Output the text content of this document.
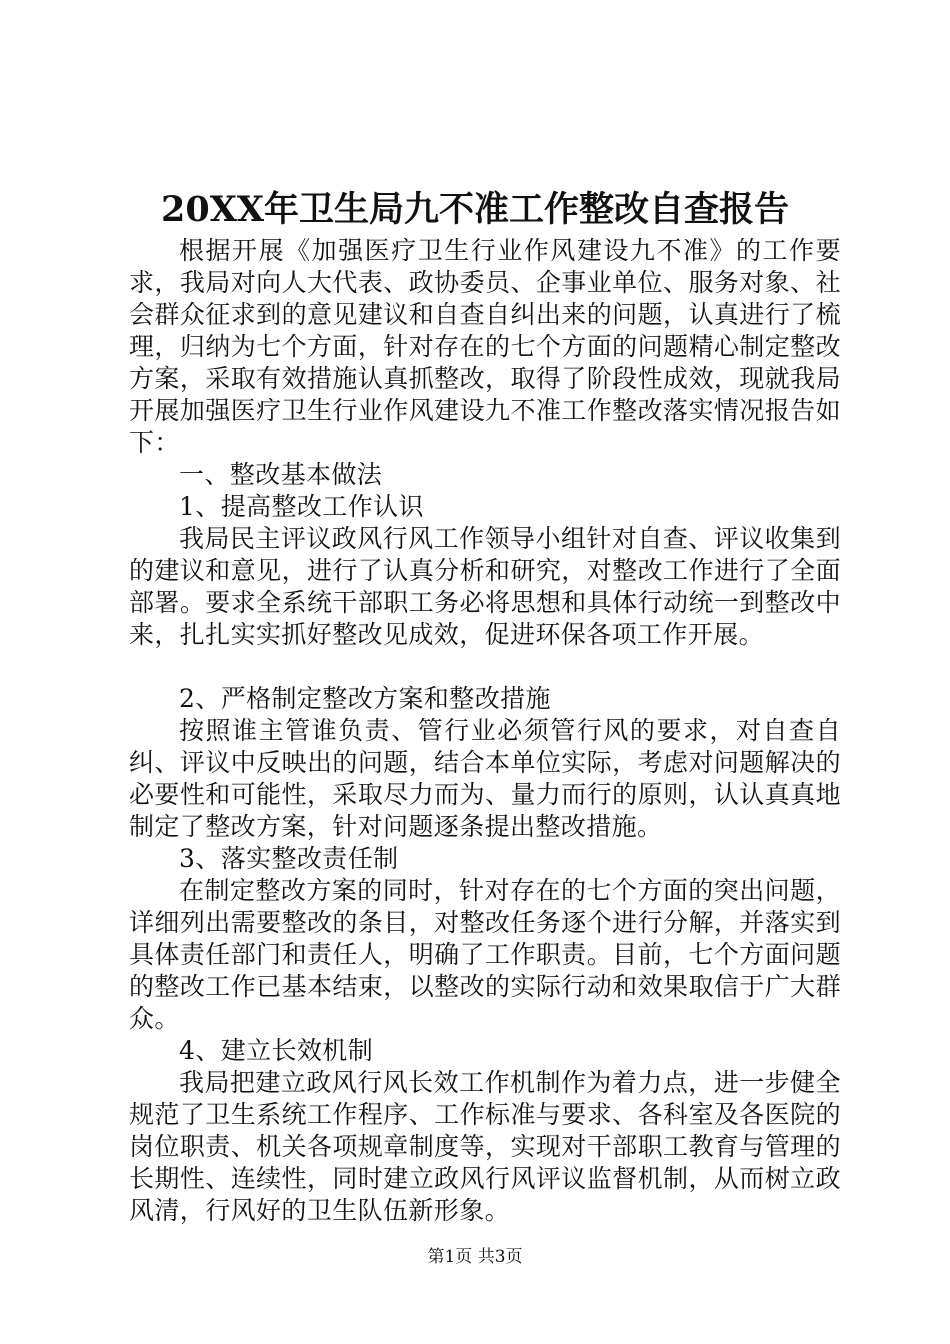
20XX年卫生局九不准工作整改自查报告

根据开展《加强医疗卫生行业作风建设九不准》的工作要求，我局对向人大代表、政协委员、企事业单位、服务对象、社会群众征求到的意见建议和自查自纠出来的问题，认真进行了梳理，归纳为七个方面，针对存在的七个方面的问题精心制定整改方案，采取有效措施认真抓整改，取得了阶段性成效，现就我局开展加强医疗卫生行业作风建设九不准工作整改落实情况报告如下：

一、整改基本做法

1、提高整改工作认识

我局民主评议政风行风工作领导小组针对自查、评议收集到的建议和意见，进行了认真分析和研究，对整改工作进行了全面部署。要求全系统干部职工务必将思想和具体行动统一到整改中来，扎扎实实抓好整改见成效，促进环保各项工作开展。

2、严格制定整改方案和整改措施

按照谁主管谁负责、管行业必须管行风的要求，对自查自纠、评议中反映出的问题，结合本单位实际，考虑对问题解决的必要性和可能性，采取尽力而为、量力而行的原则，认认真真地制定了整改方案，针对问题逐条提出整改措施。

3、落实整改责任制

在制定整改方案的同时，针对存在的七个方面的突出问题，详细列出需要整改的条目，对整改任务逐个进行分解，并落实到具体责任部门和责任人，明确了工作职责。目前，七个方面问题的整改工作已基本结束，以整改的实际行动和效果取信于广大群众。

4、建立长效机制

我局把建立政风行风长效工作机制作为着力点，进一步健全规范了卫生系统工作程序、工作标准与要求、各科室及各医院的岗位职责、机关各项规章制度等，实现对干部职工教育与管理的长期性、连续性，同时建立政风行风评议监督机制，从而树立政风清，行风好的卫生队伍新形象。

第1页 共3页
